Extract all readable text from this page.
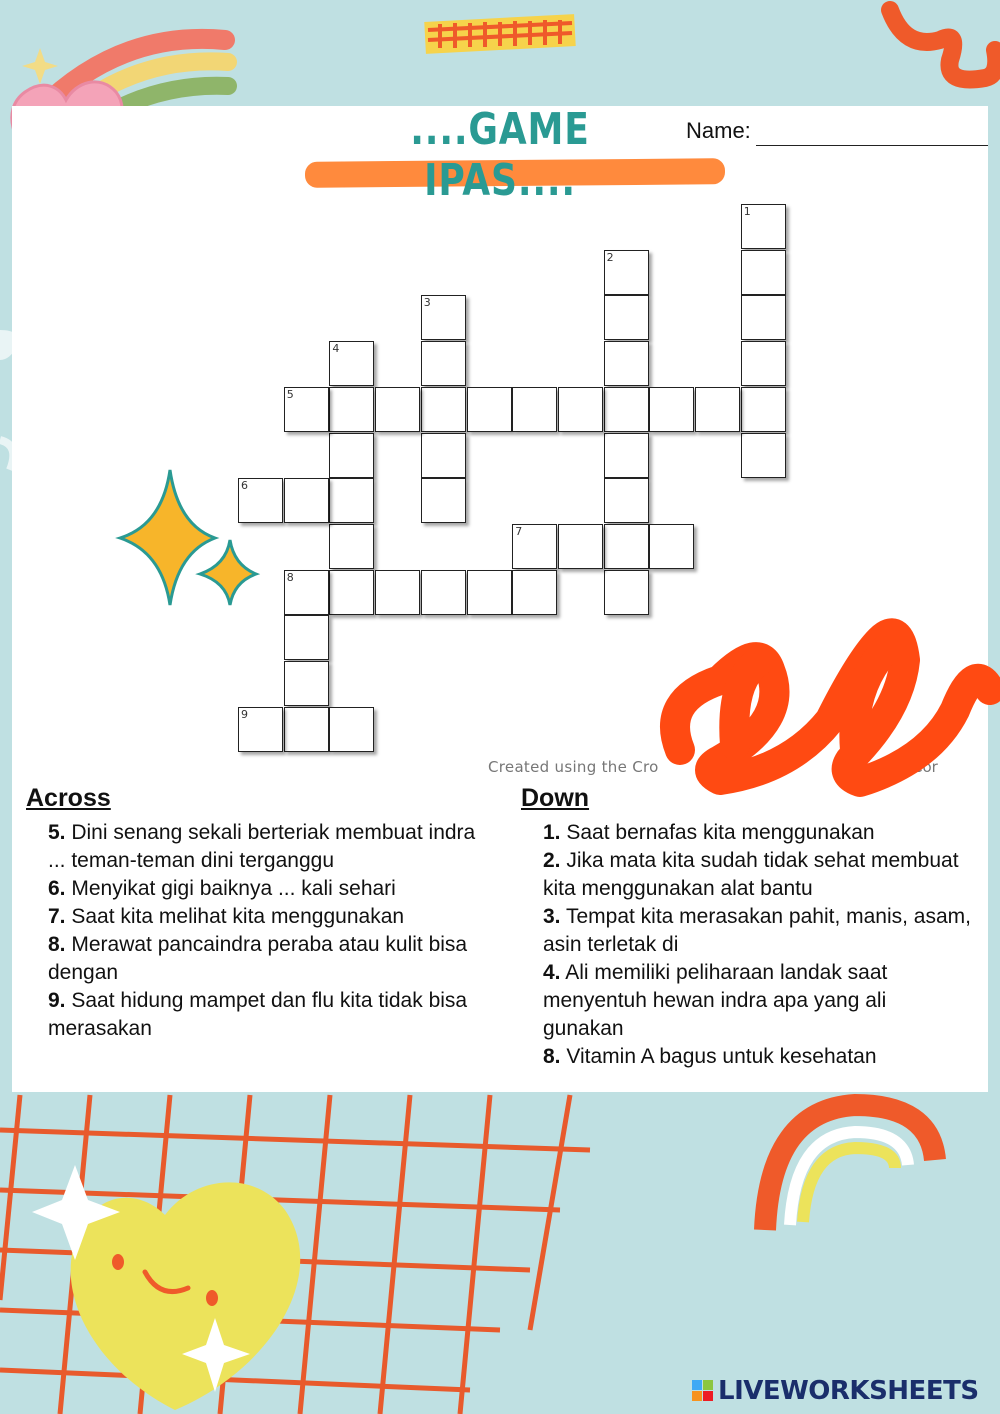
....GAME IPAS....
Name:
1
2
3
4
5
6
7
8
9
Created using the Cro	rsCor
Across
5. Dini senang sekali berteriak membuat indra ... teman-teman dini terganggu
6. Menyikat gigi baiknya ... kali sehari
7. Saat kita melihat kita menggunakan
8. Merawat pancaindra peraba atau kulit bisa dengan
9. Saat hidung mampet dan flu kita tidak bisa merasakan
Down
1. Saat bernafas kita menggunakan
2. Jika mata kita sudah tidak sehat membuat kita menggunakan alat bantu
3. Tempat kita merasakan pahit, manis, asam, asin terletak di
4. Ali memiliki peliharaan landak saat menyentuh hewan indra apa yang ali gunakan
8. Vitamin A bagus untuk kesehatan
LIVEWORKSHEETS
